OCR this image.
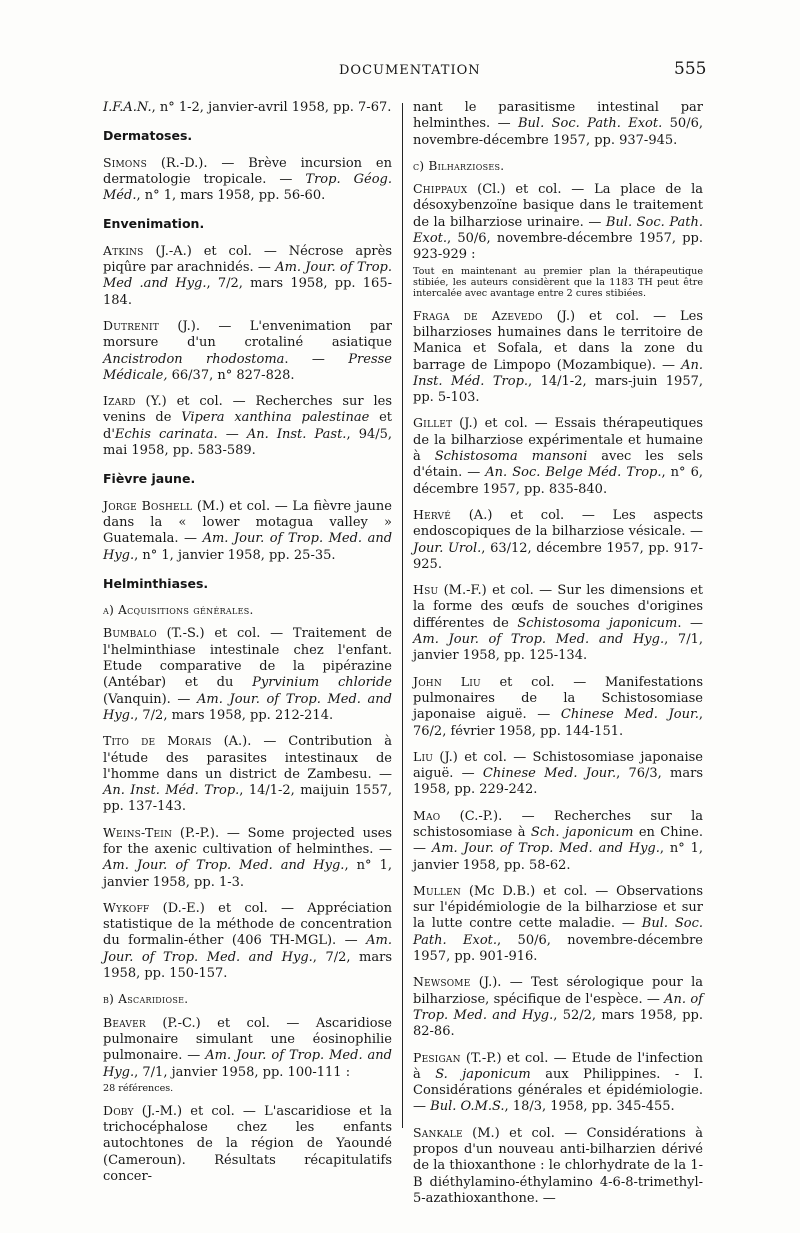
DOCUMENTATION	555

I.F.A.N., n° 1-2, janvier-avril 1958, pp. 7-67.

Dermatoses.

Simons (R.-D.). — Brève incursion en dermatologie tropicale. — Trop. Géog. Méd., n° 1, mars 1958, pp. 56-60.

Envenimation.

Atkins (J.-A.) et col. — Nécrose après piqûre par arachnidés. — Am. Jour. of Trop. Med .and Hyg., 7/2, mars 1958, pp. 165-184.

Dutrenit (J.). — L'envenimation par morsure d'un crotaliné asiatique Ancistrodon rhodostoma. — Presse Médicale, 66/37, n° 827-828.

Izard (Y.) et col. — Recherches sur les venins de Vipera xanthina palestinae et d'Echis carinata. — An. Inst. Past., 94/5, mai 1958, pp. 583-589.

Fièvre jaune.

Jorge Boshell (M.) et col. — La fièvre jaune dans la « lower motagua valley » Guatemala. — Am. Jour. of Trop. Med. and Hyg., n° 1, janvier 1958, pp. 25-35.

Helminthiases.
a) Acquisitions générales.

Bumbalo (T.-S.) et col. — Traitement de l'helminthiase intestinale chez l'enfant. Etude comparative de la pipérazine (Antébar) et du Pyrvinium chloride (Vanquin). — Am. Jour. of Trop. Med. and Hyg., 7/2, mars 1958, pp. 212-214.

Tito de Morais (A.). — Contribution à l'étude des parasites intestinaux de l'homme dans un district de Zambesu. — An. Inst. Méd. Trop., 14/1-2, maijuin 1557, pp. 137-143.

Weins-Tein (P.-P.). — Some projected uses for the axenic cultivation of helminthes. — Am. Jour. of Trop. Med. and Hyg., n° 1, janvier 1958, pp. 1-3.

Wykoff (D.-E.) et col. — Appréciation statistique de la méthode de concentration du formalin-éther (406 TH-MGL). — Am. Jour. of Trop. Med. and Hyg., 7/2, mars 1958, pp. 150-157.

b) Ascaridiose.

Beaver (P.-C.) et col. — Ascaridiose pulmonaire simulant une éosinophilie pulmonaire. — Am. Jour. of Trop. Med. and Hyg., 7/1, janvier 1958, pp. 100-111 :

28 références.

Doby (J.-M.) et col. — L'ascaridiose et la trichocéphalose chez les enfants autochtones de la région de Yaoundé (Cameroun). Résultats récapitulatifs concer-

nant le parasitisme intestinal par helminthes. — Bul. Soc. Path. Exot. 50/6, novembre-décembre 1957, pp. 937-945.

c) Bilharzioses.

Chippaux (Cl.) et col. — La place de la désoxybenzoïne basique dans le traitement de la bilharziose urinaire. — Bul. Soc. Path. Exot., 50/6, novembre-décembre 1957, pp. 923-929 :

Tout en maintenant au premier plan la thérapeutique stibiée, les auteurs considèrent que la 1183 TH peut être intercalée avec avantage entre 2 cures stibiées.

Fraga de Azevedo (J.) et col. — Les bilharzioses humaines dans le territoire de Manica et Sofala, et dans la zone du barrage de Limpopo (Mozambique). — An. Inst. Méd. Trop., 14/1-2, mars-juin 1957, pp. 5-103.

Gillet (J.) et col. — Essais thérapeutiques de la bilharziose expérimentale et humaine à Schistosoma mansoni avec les sels d'étain. — An. Soc. Belge Méd. Trop., n° 6, décembre 1957, pp. 835-840.

Hervé (A.) et col. — Les aspects endoscopiques de la bilharziose vésicale. — Jour. Urol., 63/12, décembre 1957, pp. 917-925.

Hsu (M.-F.) et col. — Sur les dimensions et la forme des œufs de souches d'origines différentes de Schistosoma japonicum. — Am. Jour. of Trop. Med. and Hyg., 7/1, janvier 1958, pp. 125-134.

John Liu et col. — Manifestations pulmonaires de la Schistosomiase japonaise aiguë. — Chinese Med. Jour., 76/2, février 1958, pp. 144-151.

Liu (J.) et col. — Schistosomiase japonaise aiguë. — Chinese Med. Jour., 76/3, mars 1958, pp. 229-242.

Mao (C.-P.). — Recherches sur la schistosomiase à Sch. japonicum en Chine. — Am. Jour. of Trop. Med. and Hyg., n° 1, janvier 1958, pp. 58-62.

Mullen (Mc D.B.) et col. — Observations sur l'épidémiologie de la bilharziose et sur la lutte contre cette maladie. — Bul. Soc. Path. Exot., 50/6, novembre-décembre 1957, pp. 901-916.

Newsome (J.). — Test sérologique pour la bilharziose, spécifique de l'espèce. — An. of Trop. Med. and Hyg., 52/2, mars 1958, pp. 82-86.

Pesigan (T.-P.) et col. — Etude de l'infection à S. japonicum aux Philippines. - I. Considérations générales et épidémiologie. — Bul. O.M.S., 18/3, 1958, pp. 345-455.

Sankale (M.) et col. — Considérations à propos d'un nouveau anti-bilharzien dérivé de la thioxanthone : le chlorhydrate de la 1-B diéthylamino-éthylamino 4-6-8-trimethyl-5-azathioxanthone. —
